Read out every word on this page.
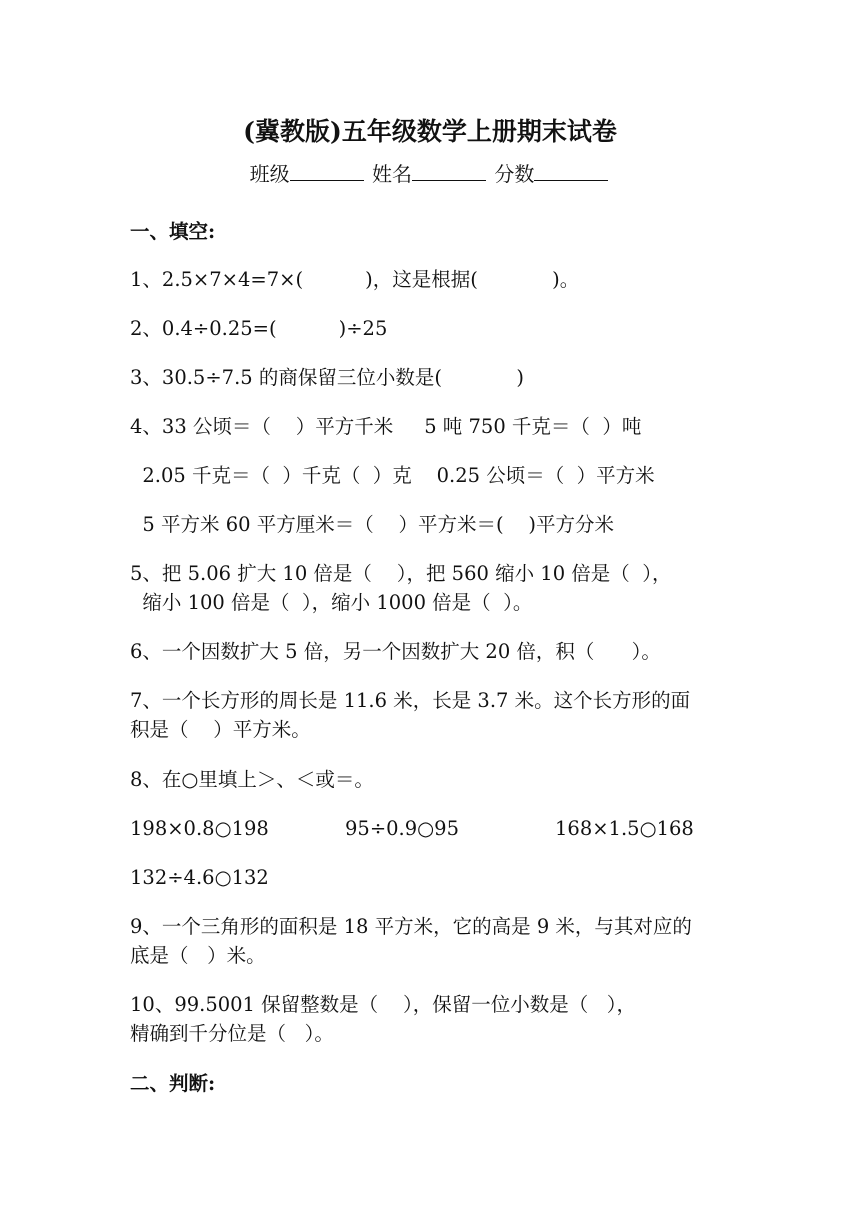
(冀教版)五年级数学上册期末试卷
班级	姓名	分数
一、填空:
1、2.5×7×4=7×(          )，这是根据(            )。
2、0.4÷0.25=(          )÷25
3、30.5÷7.5 的商保留三位小数是(            )
4、33 公顷＝（    ）平方千米     5 吨 750 千克＝（  ）吨
2.05 千克＝（  ）千克（  ）克    0.25 公顷＝（  ）平方米
5 平方米 60 平方厘米＝（    ）平方米＝(    )平方分米
5、把 5.06 扩大 10 倍是（    ），把 560 缩小 10 倍是（  ），
缩小 100 倍是（  ），缩小 1000 倍是（  ）。
6、一个因数扩大 5 倍，另一个因数扩大 20 倍，积（      ）。
7、一个长方形的周长是 11.6 米，长是 3.7 米。这个长方形的面
积是（    ）平方米。
8、在○里填上＞、＜或＝。
198×0.8○198	95÷0.9○95	168×1.5○168
132÷4.6○132
9、一个三角形的面积是 18 平方米，它的高是 9 米，与其对应的
底是（   ）米。
10、99.5001 保留整数是（    ），保留一位小数是（   ），
精确到千分位是（   ）。
二、判断:
